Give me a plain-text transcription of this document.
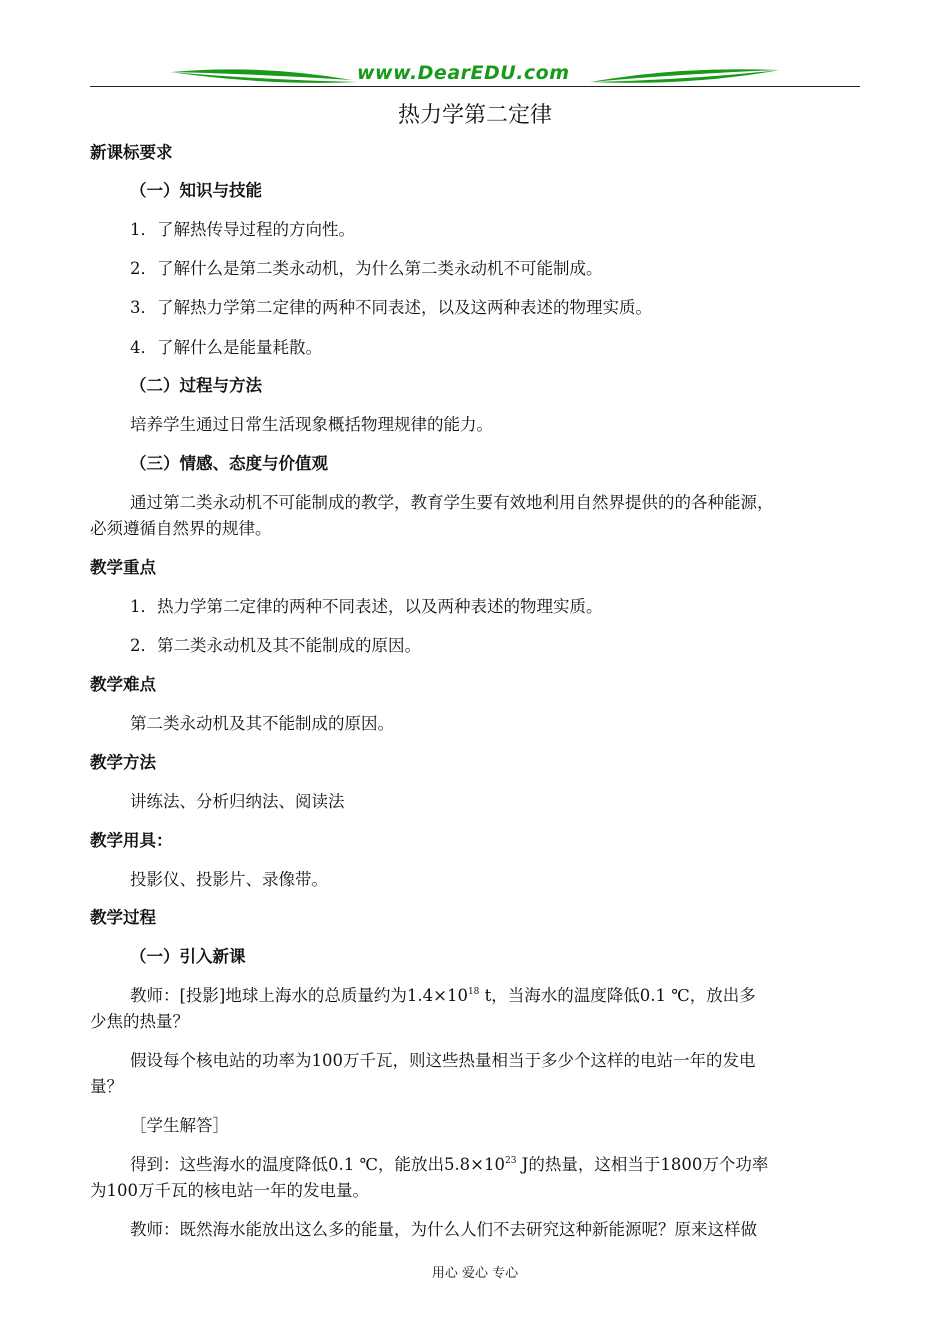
www.DearEDU.com
热力学第二定律
新课标要求
（一）知识与技能
1．了解热传导过程的方向性。
2．了解什么是第二类永动机，为什么第二类永动机不可能制成。
3．了解热力学第二定律的两种不同表述，以及这两种表述的物理实质。
4．了解什么是能量耗散。
（二）过程与方法
培养学生通过日常生活现象概括物理规律的能力。
（三）情感、态度与价值观
通过第二类永动机不可能制成的教学，教育学生要有效地利用自然界提供的的各种能源，
必须遵循自然界的规律。
教学重点
1．热力学第二定律的两种不同表述，以及两种表述的物理实质。
2．第二类永动机及其不能制成的原因。
教学难点
第二类永动机及其不能制成的原因。
教学方法
讲练法、分析归纳法、阅读法
教学用具：
投影仪、投影片、录像带。
教学过程
（一）引入新课
教师：[投影]地球上海水的总质量约为$1.4\times 10^{18}$ t，当海水的温度降低0.1 ℃，放出多
少焦的热量？
假设每个核电站的功率为100万千瓦，则这些热量相当于多少个这样的电站一年的发电
量？
［学生解答］
得到：这些海水的温度降低0.1 ℃，能放出$5.8\times 10^{23}$ J的热量，这相当于1800万个功率
为100万千瓦的核电站一年的发电量。
教师：既然海水能放出这么多的能量，为什么人们不去研究这种新能源呢？原来这样做
用心 爱心 专心
